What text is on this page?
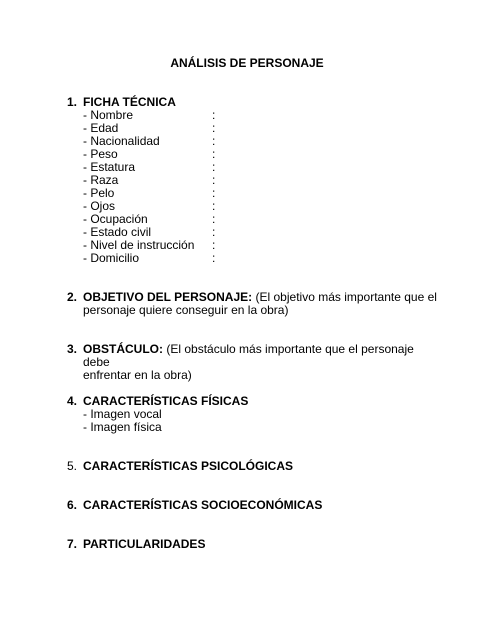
ANÁLISIS DE PERSONAJE
1. FICHA TÉCNICA
- Nombre	:
- Edad	:
- Nacionalidad	:
- Peso	:
- Estatura	:
- Raza	:
- Pelo	:
- Ojos	:
- Ocupación	:
- Estado civil	:
- Nivel de instrucción	:
- Domicilio	:
2. OBJETIVO DEL PERSONAJE: (El objetivo más importante que el
personaje quiere conseguir en la obra)
3. OBSTÁCULO: (El obstáculo más importante que el personaje debe
enfrentar en la obra)
4. CARACTERÍSTICAS FÍSICAS
- Imagen vocal
- Imagen física
5. CARACTERÍSTICAS PSICOLÓGICAS
6. CARACTERÍSTICAS SOCIOECONÓMICAS
7. PARTICULARIDADES
